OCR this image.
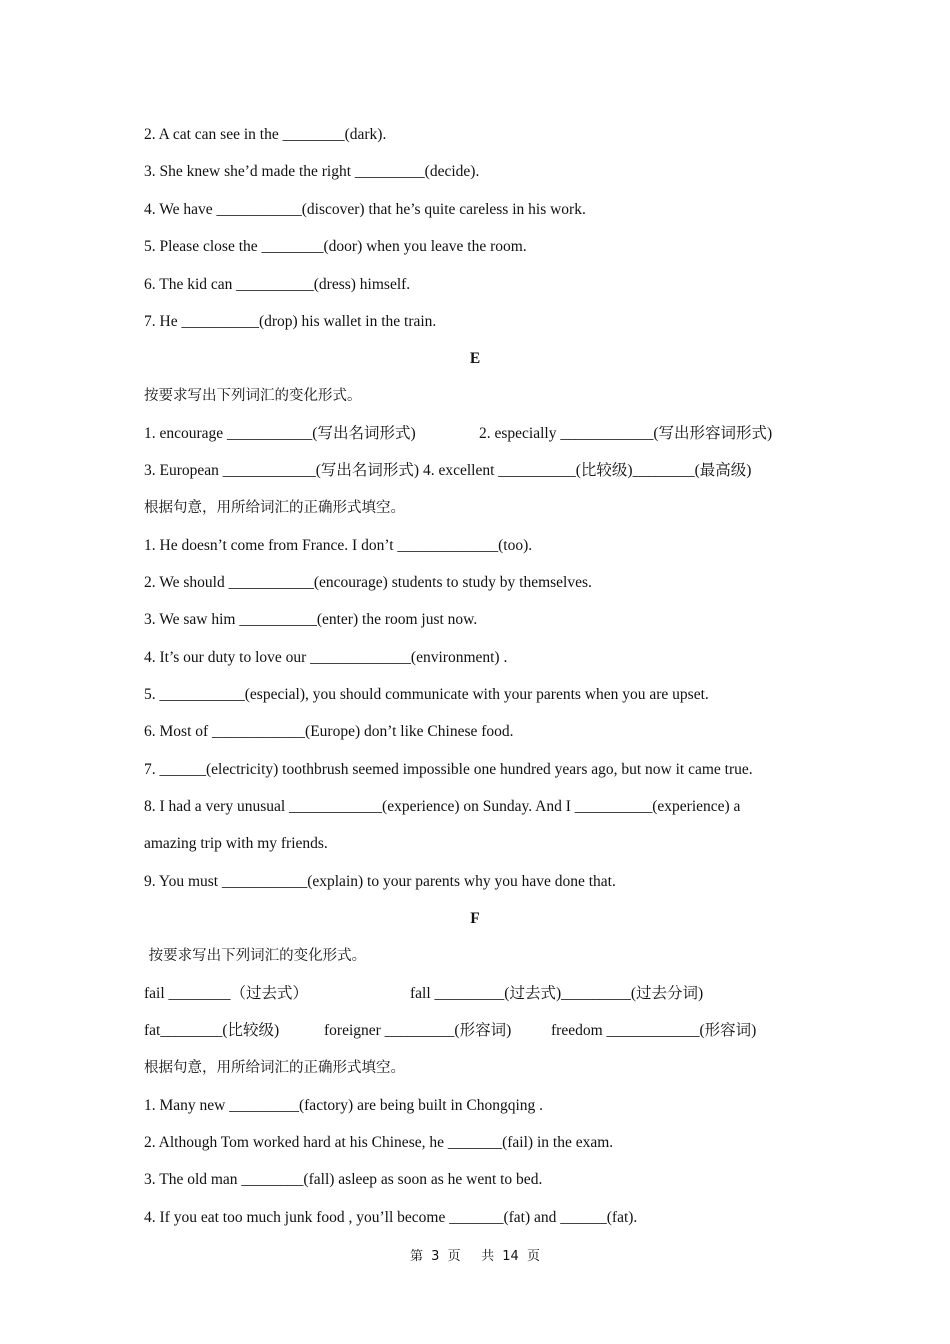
2. A cat can see in the ________(dark).
3. She knew she’d made the right _________(decide).
4. We have ___________(discover) that he’s quite careless in his work.
5. Please close the ________(door) when you leave the room.
6. The kid can __________(dress) himself.
7. He __________(drop) his wallet in the train.
E
按要求写出下列词汇的变化形式。
1. encourage ___________(写出名词形式)	2. especially ____________(写出形容词形式)
3. European ____________(写出名词形式) 4. excellent __________(比较级)________(最高级)
根据句意，用所给词汇的正确形式填空。
1. He doesn’t come from France. I don’t _____________(too).
2. We should ___________(encourage) students to study by themselves.
3. We saw him __________(enter) the room just now.
4. It’s our duty to love our _____________(environment) .
5. ___________(especial), you should communicate with your parents when you are upset.
6. Most of ____________(Europe) don’t like Chinese food.
7. ______(electricity) toothbrush seemed impossible one hundred years ago, but now it came true.
8. I had a very unusual ____________(experience) on Sunday. And I __________(experience) a
amazing trip with my friends.
9. You must ___________(explain) to your parents why you have done that.
F
按要求写出下列词汇的变化形式。
fail ________（过去式）	fall _________(过去式)_________(过去分词)
fat________(比较级)	foreigner _________(形容词)	freedom ____________(形容词)
根据句意，用所给词汇的正确形式填空。
1. Many new _________(factory) are being built in Chongqing .
2. Although Tom worked hard at his Chinese, he _______(fail) in the exam.
3. The old man ________(fall) asleep as soon as he went to bed.
4. If you eat too much junk food , you’ll become _______(fat) and ______(fat).
第 3 页 共 14 页
